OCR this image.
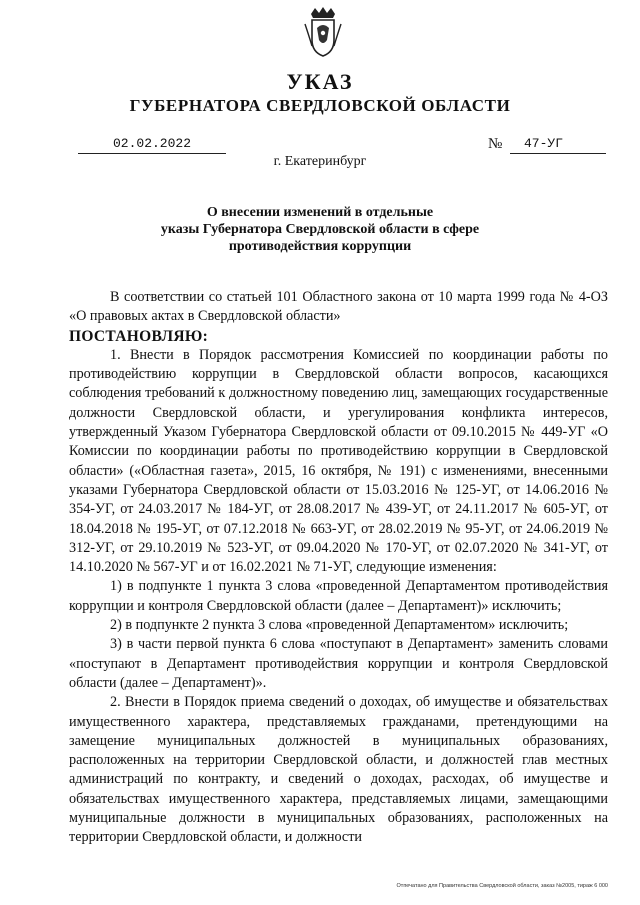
УКАЗ
ГУБЕРНАТОРА СВЕРДЛОВСКОЙ ОБЛАСТИ
02.02.2022	№	47-УГ
г. Екатеринбург
О внесении изменений в отдельные
указы Губернатора Свердловской области в сфере
противодействия коррупции

В соответствии со статьей 101 Областного закона от 10 марта 1999 года № 4-ОЗ «О правовых актах в Свердловской области»

ПОСТАНОВЛЯЮ:

1. Внести в Порядок рассмотрения Комиссией по координации работы по противодействию коррупции в Свердловской области вопросов, касающихся соблюдения требований к должностному поведению лиц, замещающих государственные должности Свердловской области, и урегулирования конфликта интересов, утвержденный Указом Губернатора Свердловской области от 09.10.2015 № 449-УГ «О Комиссии по координации работы по противодействию коррупции в Свердловской области» («Областная газета», 2015, 16 октября, № 191) с изменениями, внесенными указами Губернатора Свердловской области от 15.03.2016 № 125-УГ, от 14.06.2016 № 354-УГ, от 24.03.2017 № 184-УГ, от 28.08.2017 № 439-УГ, от 24.11.2017 № 605-УГ, от 18.04.2018 № 195-УГ, от 07.12.2018 № 663-УГ, от 28.02.2019 № 95-УГ, от 24.06.2019 № 312-УГ, от 29.10.2019 № 523-УГ, от 09.04.2020 № 170-УГ, от 02.07.2020 № 341-УГ, от 14.10.2020 № 567-УГ и от 16.02.2021 № 71-УГ, следующие изменения:

1) в подпункте 1 пункта 3 слова «проведенной Департаментом противодействия коррупции и контроля Свердловской области (далее – Департамент)» исключить;

2) в подпункте 2 пункта 3 слова «проведенной Департаментом» исключить;

3) в части первой пункта 6 слова «поступают в Департамент» заменить словами «поступают в Департамент противодействия коррупции и контроля Свердловской области (далее – Департамент)».

2. Внести в Порядок приема сведений о доходах, об имуществе и обязательствах имущественного характера, представляемых гражданами, претендующими на замещение муниципальных должностей в муниципальных образованиях, расположенных на территории Свердловской области, и должностей глав местных администраций по контракту, и сведений о доходах, расходах, об имуществе и обязательствах имущественного характера, представляемых лицами, замещающими муниципальные должности в муниципальных образованиях, расположенных на территории Свердловской области, и должности

Отпечатано для Правительства Свердловской области, заказ №2005, тираж 6 000
